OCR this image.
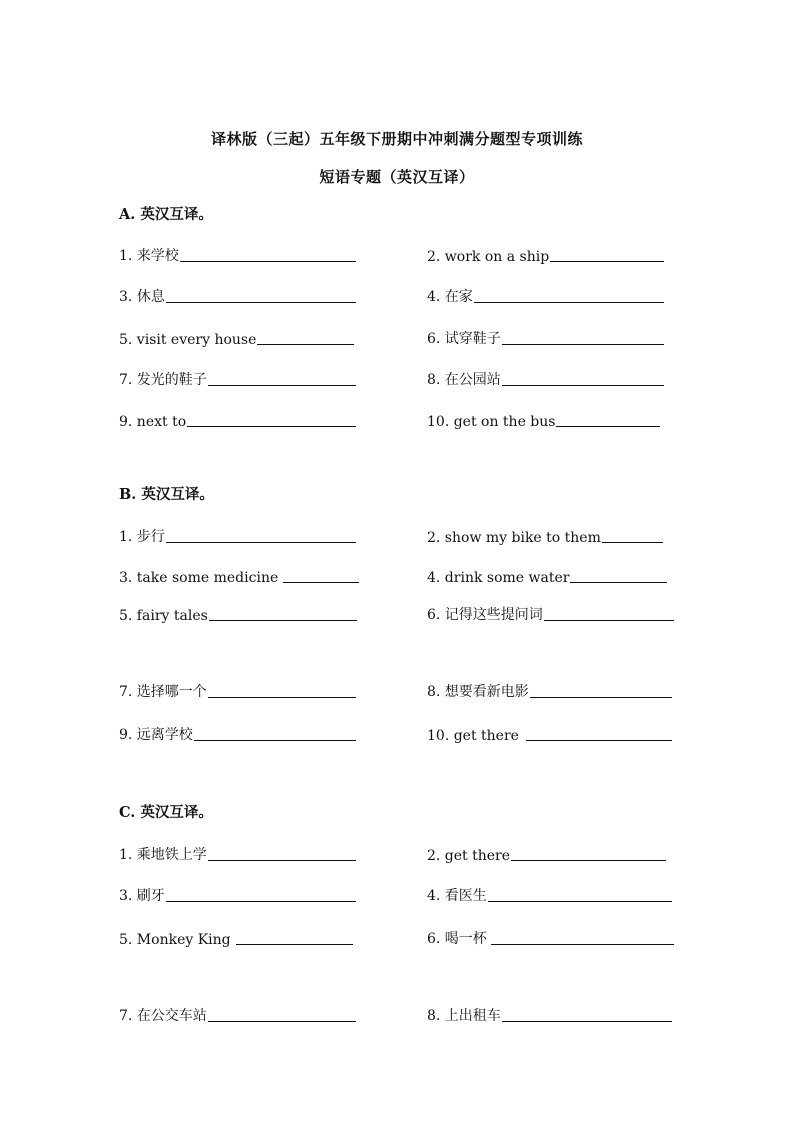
译林版（三起）五年级下册期中冲刺满分题型专项训练
短语专题（英汉互译）
A. 英汉互译。
1. 来学校	2. work on a ship
3. 休息	4. 在家
5. visit every house	6. 试穿鞋子
7. 发光的鞋子	8. 在公园站
9. next to	10. get on the bus
B. 英汉互译。
1. 步行	2. show my bike to them
3. take some medicine	4. drink some water
5. fairy tales	6. 记得这些提问词
7. 选择哪一个	8. 想要看新电影
9. 远离学校	10. get there
C. 英汉互译。
1. 乘地铁上学	2. get there
3. 刷牙	4. 看医生
5. Monkey King	6. 喝一杯
7. 在公交车站	8. 上出租车
